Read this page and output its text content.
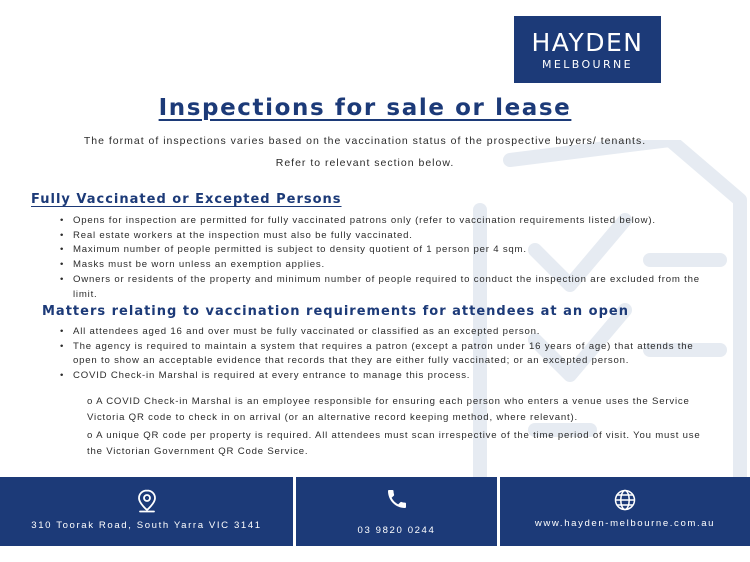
HAYDEN
MELBOURNE
Inspections for sale or lease
The format of inspections varies based on the vaccination status of the prospective buyers/ tenants.
Refer to relevant section below.
Fully Vaccinated or Excepted Persons
• Opens for inspection are permitted for fully vaccinated patrons only (refer to vaccination requirements listed below).
• Real estate workers at the inspection must also be fully vaccinated.
• Maximum number of people permitted is subject to density quotient of 1 person per 4 sqm.
• Masks must be worn unless an exemption applies.
• Owners or residents of the property and minimum number of people required to conduct the inspection are excluded from the limit.
Matters relating to vaccination requirements for attendees at an open
• All attendees aged 16 and over must be fully vaccinated or classified as an excepted person.
• The agency is required to maintain a system that requires a patron (except a patron under 16 years of age) that attends the open to show an acceptable evidence that records that they are either fully vaccinated; or an excepted person.
• COVID Check-in Marshal is required at every entrance to manage this process.
o A COVID Check-in Marshal is an employee responsible for ensuring each person who enters a venue uses the Service Victoria QR code to check in on arrival (or an alternative record keeping method, where relevant).
o A unique QR code per property is required. All attendees must scan irrespective of the time period of visit. You must use the Victorian Government QR Code Service.
310 Toorak Road, South Yarra VIC 3141	03 9820 0244
www.hayden-melbourne.com.au
